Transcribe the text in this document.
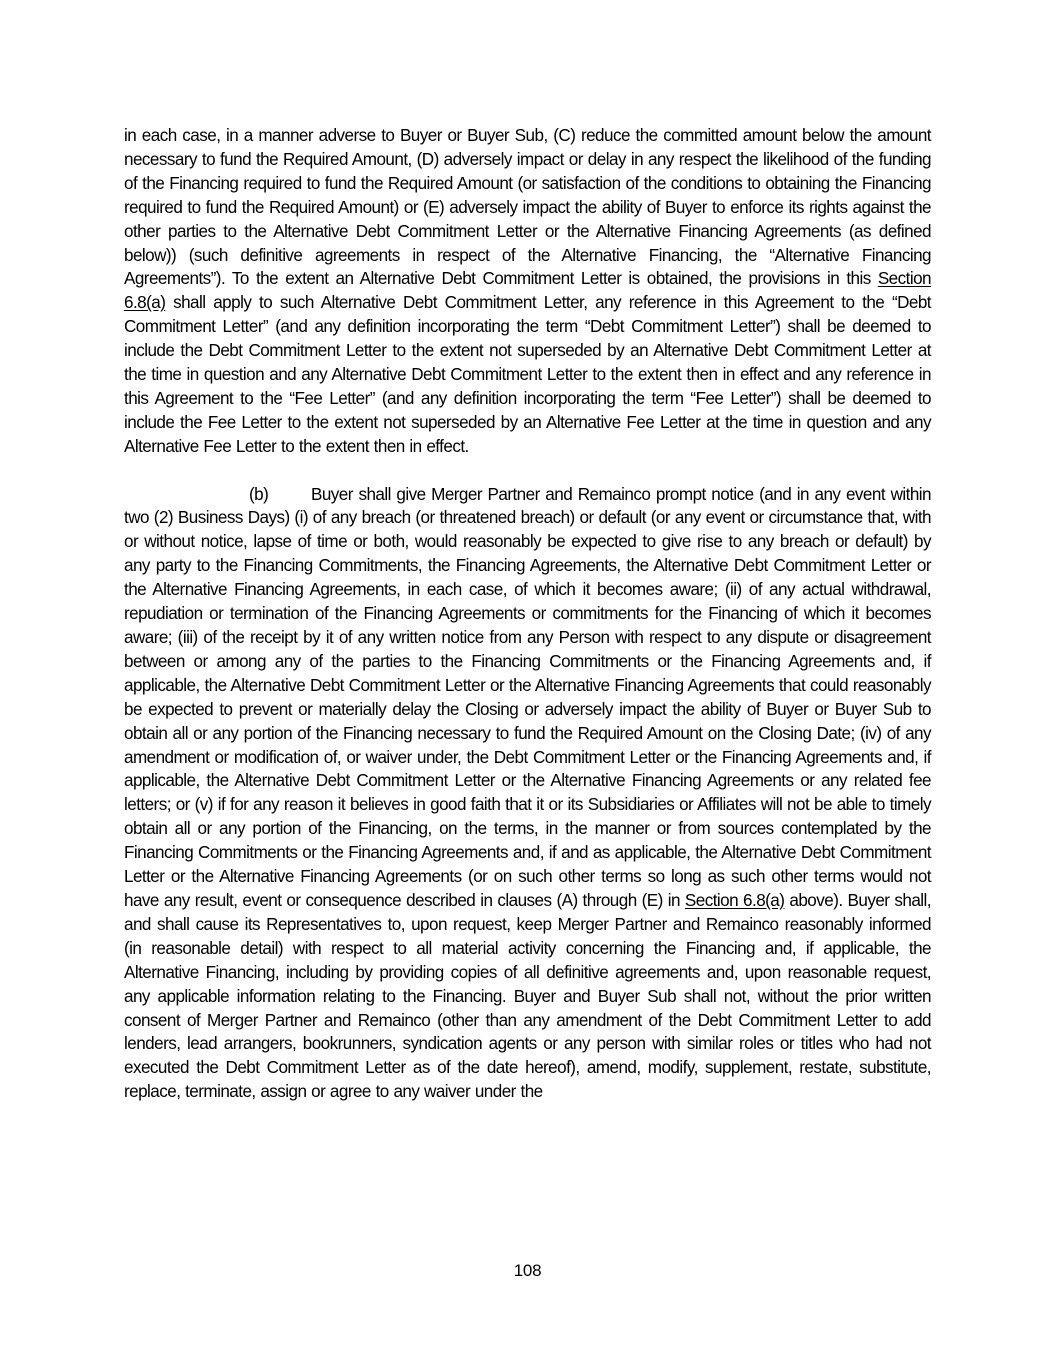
in each case, in a manner adverse to Buyer or Buyer Sub, (C) reduce the committed amount below the amount necessary to fund the Required Amount, (D) adversely impact or delay in any respect the likelihood of the funding of the Financing required to fund the Required Amount (or satisfaction of the conditions to obtaining the Financing required to fund the Required Amount) or (E) adversely impact the ability of Buyer to enforce its rights against the other parties to the Alternative Debt Commitment Letter or the Alternative Financing Agreements (as defined below)) (such definitive agreements in respect of the Alternative Financing, the “Alternative Financing Agreements”). To the extent an Alternative Debt Commitment Letter is obtained, the provisions in this Section 6.8(a) shall apply to such Alternative Debt Commitment Letter, any reference in this Agreement to the “Debt Commitment Letter” (and any definition incorporating the term “Debt Commitment Letter”) shall be deemed to include the Debt Commitment Letter to the extent not superseded by an Alternative Debt Commitment Letter at the time in question and any Alternative Debt Commitment Letter to the extent then in effect and any reference in this Agreement to the “Fee Letter” (and any definition incorporating the term “Fee Letter”) shall be deemed to include the Fee Letter to the extent not superseded by an Alternative Fee Letter at the time in question and any Alternative Fee Letter to the extent then in effect.

(b)	Buyer shall give Merger Partner and Remainco prompt notice (and in any event within two (2) Business Days) (i) of any breach (or threatened breach) or default (or any event or circumstance that, with or without notice, lapse of time or both, would reasonably be expected to give rise to any breach or default) by any party to the Financing Commitments, the Financing Agreements, the Alternative Debt Commitment Letter or the Alternative Financing Agreements, in each case, of which it becomes aware; (ii) of any actual withdrawal, repudiation or termination of the Financing Agreements or commitments for the Financing of which it becomes aware; (iii) of the receipt by it of any written notice from any Person with respect to any dispute or disagreement between or among any of the parties to the Financing Commitments or the Financing Agreements and, if applicable, the Alternative Debt Commitment Letter or the Alternative Financing Agreements that could reasonably be expected to prevent or materially delay the Closing or adversely impact the ability of Buyer or Buyer Sub to obtain all or any portion of the Financing necessary to fund the Required Amount on the Closing Date; (iv) of any amendment or modification of, or waiver under, the Debt Commitment Letter or the Financing Agreements and, if applicable, the Alternative Debt Commitment Letter or the Alternative Financing Agreements or any related fee letters; or (v) if for any reason it believes in good faith that it or its Subsidiaries or Affiliates will not be able to timely obtain all or any portion of the Financing, on the terms, in the manner or from sources contemplated by the Financing Commitments or the Financing Agreements and, if and as applicable, the Alternative Debt Commitment Letter or the Alternative Financing Agreements (or on such other terms so long as such other terms would not have any result, event or consequence described in clauses (A) through (E) in Section 6.8(a) above). Buyer shall, and shall cause its Representatives to, upon request, keep Merger Partner and Remainco reasonably informed (in reasonable detail) with respect to all material activity concerning the Financing and, if applicable, the Alternative Financing, including by providing copies of all definitive agreements and, upon reasonable request, any applicable information relating to the Financing. Buyer and Buyer Sub shall not, without the prior written consent of Merger Partner and Remainco (other than any amendment of the Debt Commitment Letter to add lenders, lead arrangers, bookrunners, syndication agents or any person with similar roles or titles who had not executed the Debt Commitment Letter as of the date hereof), amend, modify, supplement, restate, substitute, replace, terminate, assign or agree to any waiver under the

108
